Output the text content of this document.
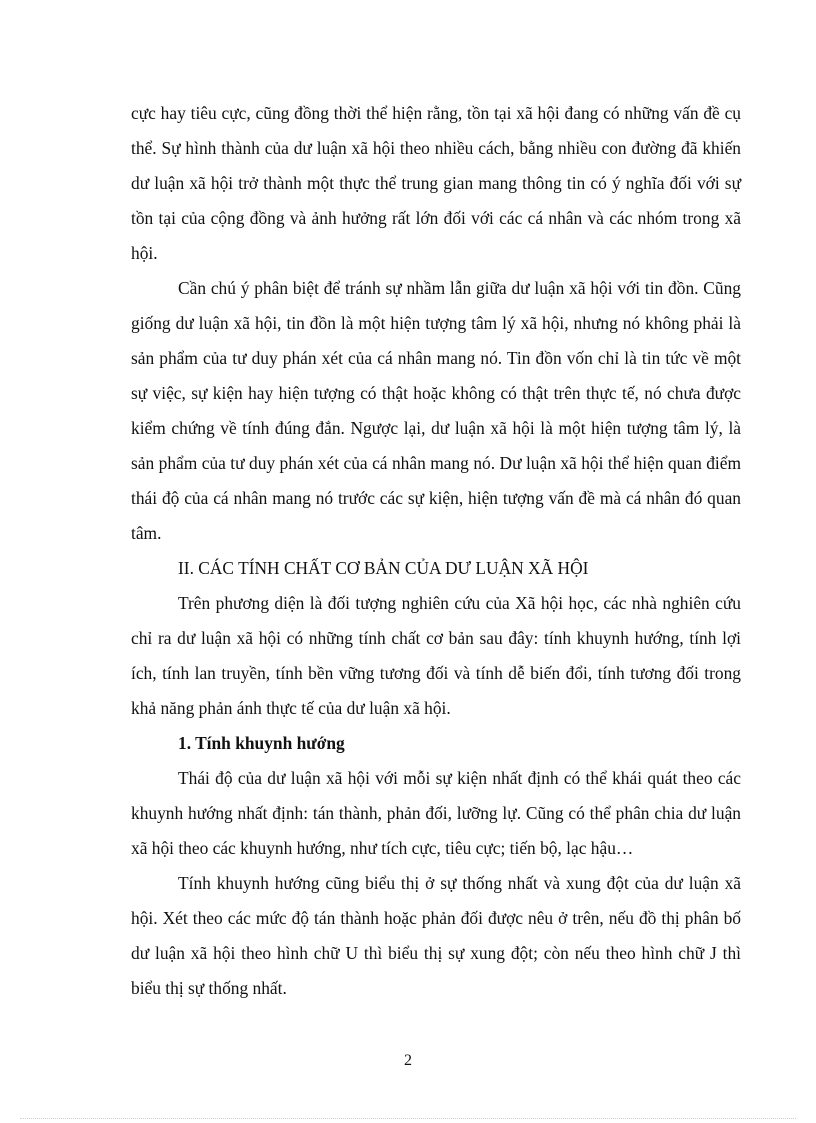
cực hay tiêu cực, cũng đồng thời thể hiện rằng, tồn tại xã hội đang có những vấn đề cụ thể. Sự hình thành của dư luận xã hội theo nhiều cách, bằng nhiều con đường đã khiến dư luận xã hội trở thành một thực thể trung gian mang thông tin có ý nghĩa đối với sự tồn tại của cộng đồng và ảnh hưởng rất lớn đối với các cá nhân và các nhóm trong xã hội.

Cần chú ý phân biệt để tránh sự nhầm lẫn giữa dư luận xã hội với tin đồn. Cũng giống dư luận xã hội, tin đồn là một hiện tượng tâm lý xã hội, nhưng nó không phải là sản phẩm của tư duy phán xét của cá nhân mang nó. Tin đồn vốn chỉ là tin tức về một sự việc, sự kiện hay hiện tượng có thật hoặc không có thật trên thực tế, nó chưa được kiểm chứng về tính đúng đắn. Ngược lại, dư luận xã hội là một hiện tượng tâm lý, là sản phẩm của tư duy phán xét của cá nhân mang nó. Dư luận xã hội thể hiện quan điểm thái độ của cá nhân mang nó trước các sự kiện, hiện tượng vấn đề mà cá nhân đó quan tâm.

II. CÁC TÍNH CHẤT CƠ BẢN CỦA DƯ LUẬN XÃ HỘI

Trên phương diện là đối tượng nghiên cứu của Xã hội học, các nhà nghiên cứu chỉ ra dư luận xã hội có những tính chất cơ bản sau đây: tính khuynh hướng, tính lợi ích, tính lan truyền, tính bền vững tương đối và tính dễ biến đổi, tính tương đối trong khả năng phản ánh thực tế của dư luận xã hội.

1. Tính khuynh hướng

Thái độ của dư luận xã hội với mỗi sự kiện nhất định có thể khái quát theo các khuynh hướng nhất định: tán thành, phản đối, lưỡng lự. Cũng có thể phân chia dư luận xã hội theo các khuynh hướng, như tích cực, tiêu cực; tiến bộ, lạc hậu…

Tính khuynh hướng cũng biểu thị ở sự thống nhất và xung đột của dư luận xã hội. Xét theo các mức độ tán thành hoặc phản đối được nêu ở trên, nếu đồ thị phân bố dư luận xã hội theo hình chữ U thì biểu thị sự xung đột; còn nếu theo hình chữ J thì biểu thị sự thống nhất.

2
